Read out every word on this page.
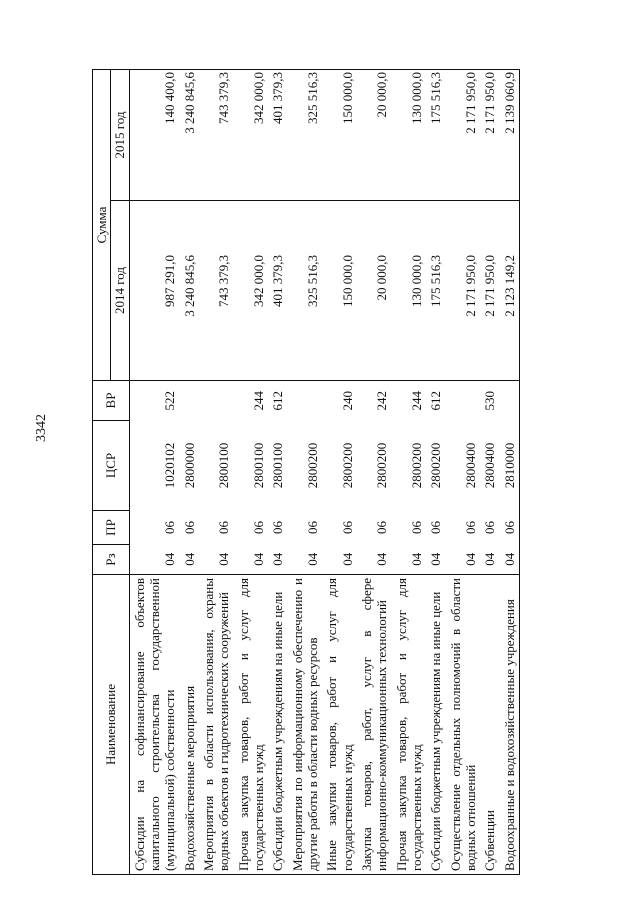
3342
Наименование	Рз	ПР	ЦСР	ВР	Сумма	
					2014 год	2015 год
Субсидии на софинансирование объектов капитального строительства государственной (муниципальной) собственности	04	06	1020102	522	987 291,0	140 400,0
Водохозяйственные мероприятия	04	06	2800000		3 240 845,6	3 240 845,6
Мероприятия в области использования, охраны водных объектов и гидротехнических сооружений	04	06	2800100		743 379,3	743 379,3
Прочая закупка товаров, работ и услуг для государственных нужд	04	06	2800100	244	342 000,0	342 000,0
Субсидии бюджетным учреждениям на иные цели	04	06	2800100	612	401 379,3	401 379,3
Мероприятия по информационному обеспечению и другие работы в области водных ресурсов	04	06	2800200		325 516,3	325 516,3
Иные закупки товаров, работ и услуг для государственных нужд	04	06	2800200	240	150 000,0	150 000,0
Закупка товаров, работ, услуг в сфере информационно-коммуникационных технологий	04	06	2800200	242	20 000,0	20 000,0
Прочая закупка товаров, работ и услуг для государственных нужд	04	06	2800200	244	130 000,0	130 000,0
Субсидии бюджетным учреждениям на иные цели	04	06	2800200	612	175 516,3	175 516,3
Осуществление отдельных полномочий в области водных отношений	04	06	2800400		2 171 950,0	2 171 950,0
Субвенции	04	06	2800400	530	2 171 950,0	2 171 950,0
Водоохранные и водохозяйственные учреждения	04	06	2810000		2 123 149,2	2 139 060,9
